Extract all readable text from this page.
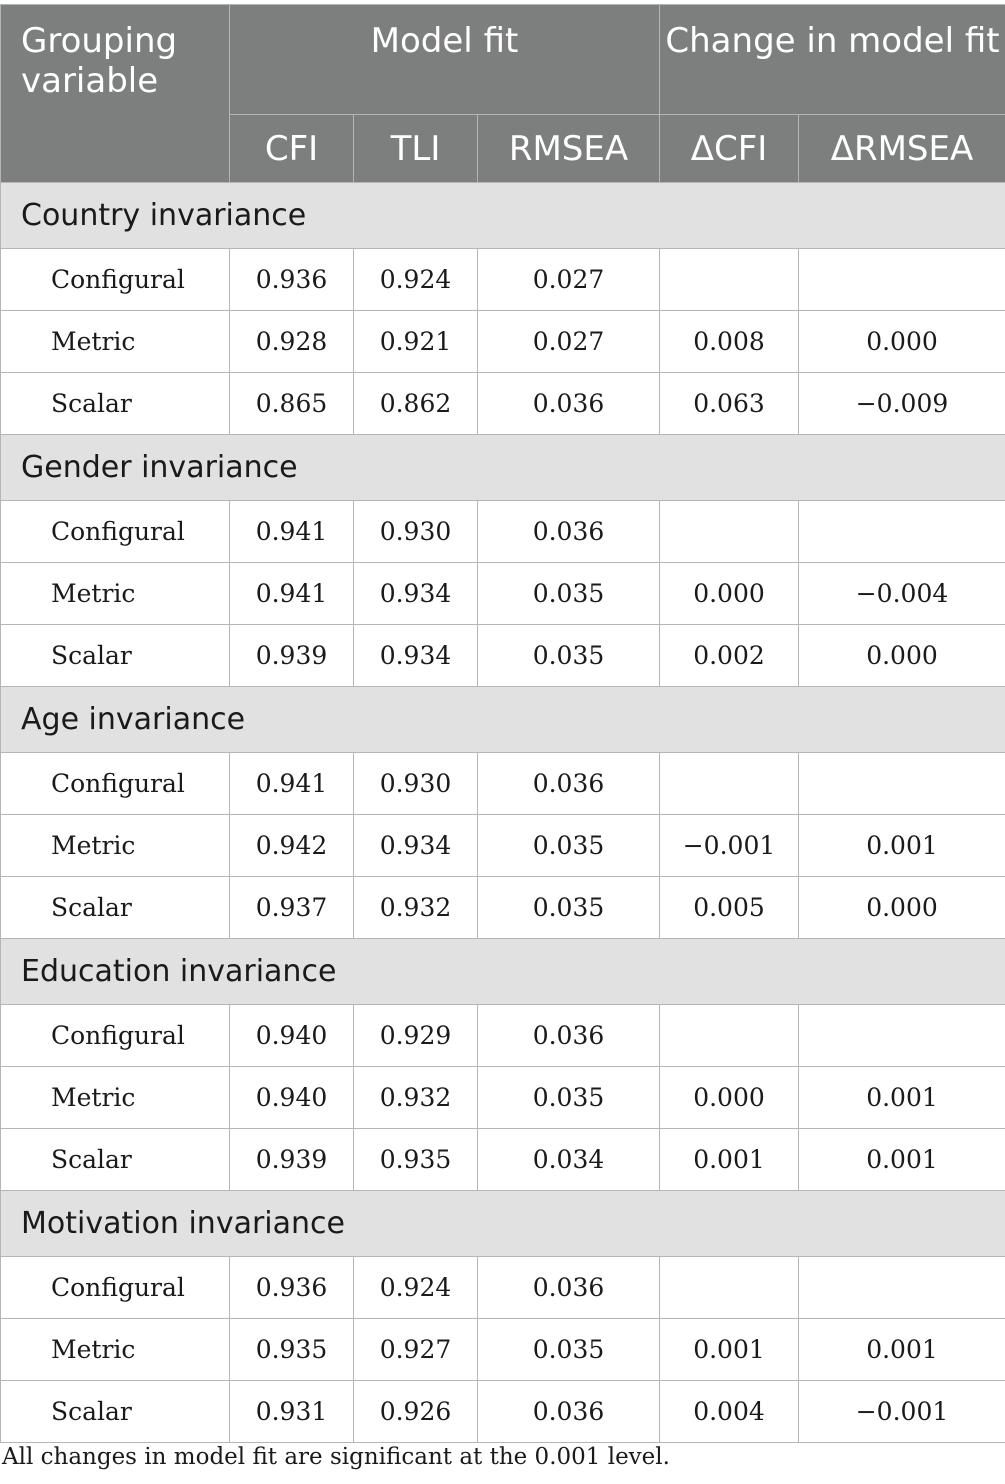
Grouping variable	Model fit			Change in model fit	
	CFI	TLI	RMSEA	ΔCFI	ΔRMSEA
Country invariance					
Configural	0.936	0.924	0.027		
Metric	0.928	0.921	0.027	0.008	0.000
Scalar	0.865	0.862	0.036	0.063	−0.009
Gender invariance					
Configural	0.941	0.930	0.036		
Metric	0.941	0.934	0.035	0.000	−0.004
Scalar	0.939	0.934	0.035	0.002	0.000
Age invariance					
Configural	0.941	0.930	0.036		
Metric	0.942	0.934	0.035	−0.001	0.001
Scalar	0.937	0.932	0.035	0.005	0.000
Education invariance					
Configural	0.940	0.929	0.036		
Metric	0.940	0.932	0.035	0.000	0.001
Scalar	0.939	0.935	0.034	0.001	0.001
Motivation invariance					
Configural	0.936	0.924	0.036		
Metric	0.935	0.927	0.035	0.001	0.001
Scalar	0.931	0.926	0.036	0.004	−0.001
All changes in model fit are significant at the 0.001 level.
